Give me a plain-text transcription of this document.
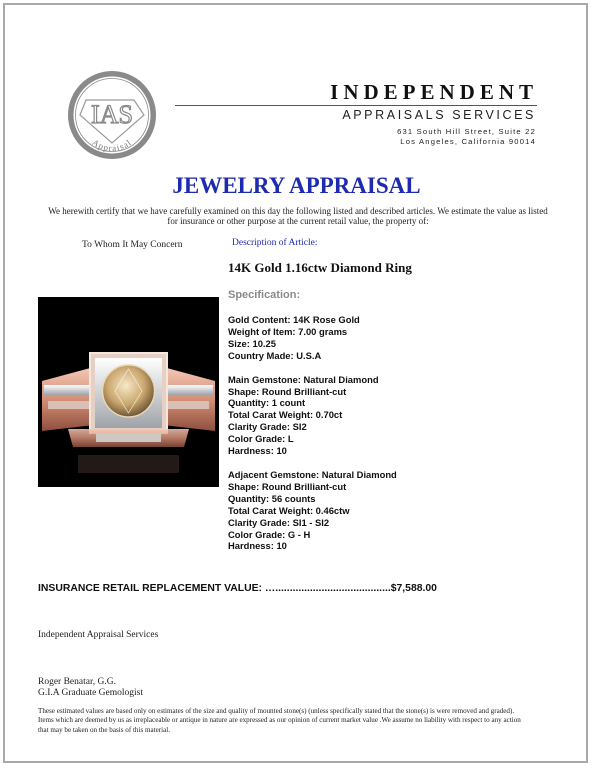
IAS
Appraisal
INDEPENDENT
APPRAISALS SERVICES
631 South Hill Street, Suite 22
Los Angeles, California 90014
JEWELRY APPRAISAL
We herewith certify that we have carefully examined on this day the following listed and described articles. We estimate the value as listed for insurance or other purpose at the current retail value, the property of:
To Whom It May Concern	Description of Article:
14K Gold 1.16ctw Diamond Ring
Specification:
Gold Content: 14K Rose Gold
Weight of Item: 7.00 grams
Size: 10.25
Country Made: U.S.A
Main Gemstone: Natural Diamond
Shape: Round Brilliant-cut
Quantity: 1 count
Total Carat Weight: 0.70ct
Clarity Grade: SI2
Color Grade: L
Hardness: 10
Adjacent Gemstone: Natural Diamond
Shape: Round Brilliant-cut
Quantity: 56 counts
Total Carat Weight: 0.46ctw
Clarity Grade: SI1 - SI2
Color Grade: G - H
Hardness: 10
INSURANCE RETAIL REPLACEMENT VALUE: …........................................$7,588.00
Independent Appraisal Services
Roger Benatar, G.G.
G.I.A Graduate Gemologist
These estimated values are based only on estimates of the size and quality of mounted stone(s) (unless specifically stated that the stone(s) is were removed and graded). Items which are deemed by us as irreplaceable or antique in nature are expressed as our opinion of current market value .We assume no liability with respect to any action that may be taken on the basis of this material.
